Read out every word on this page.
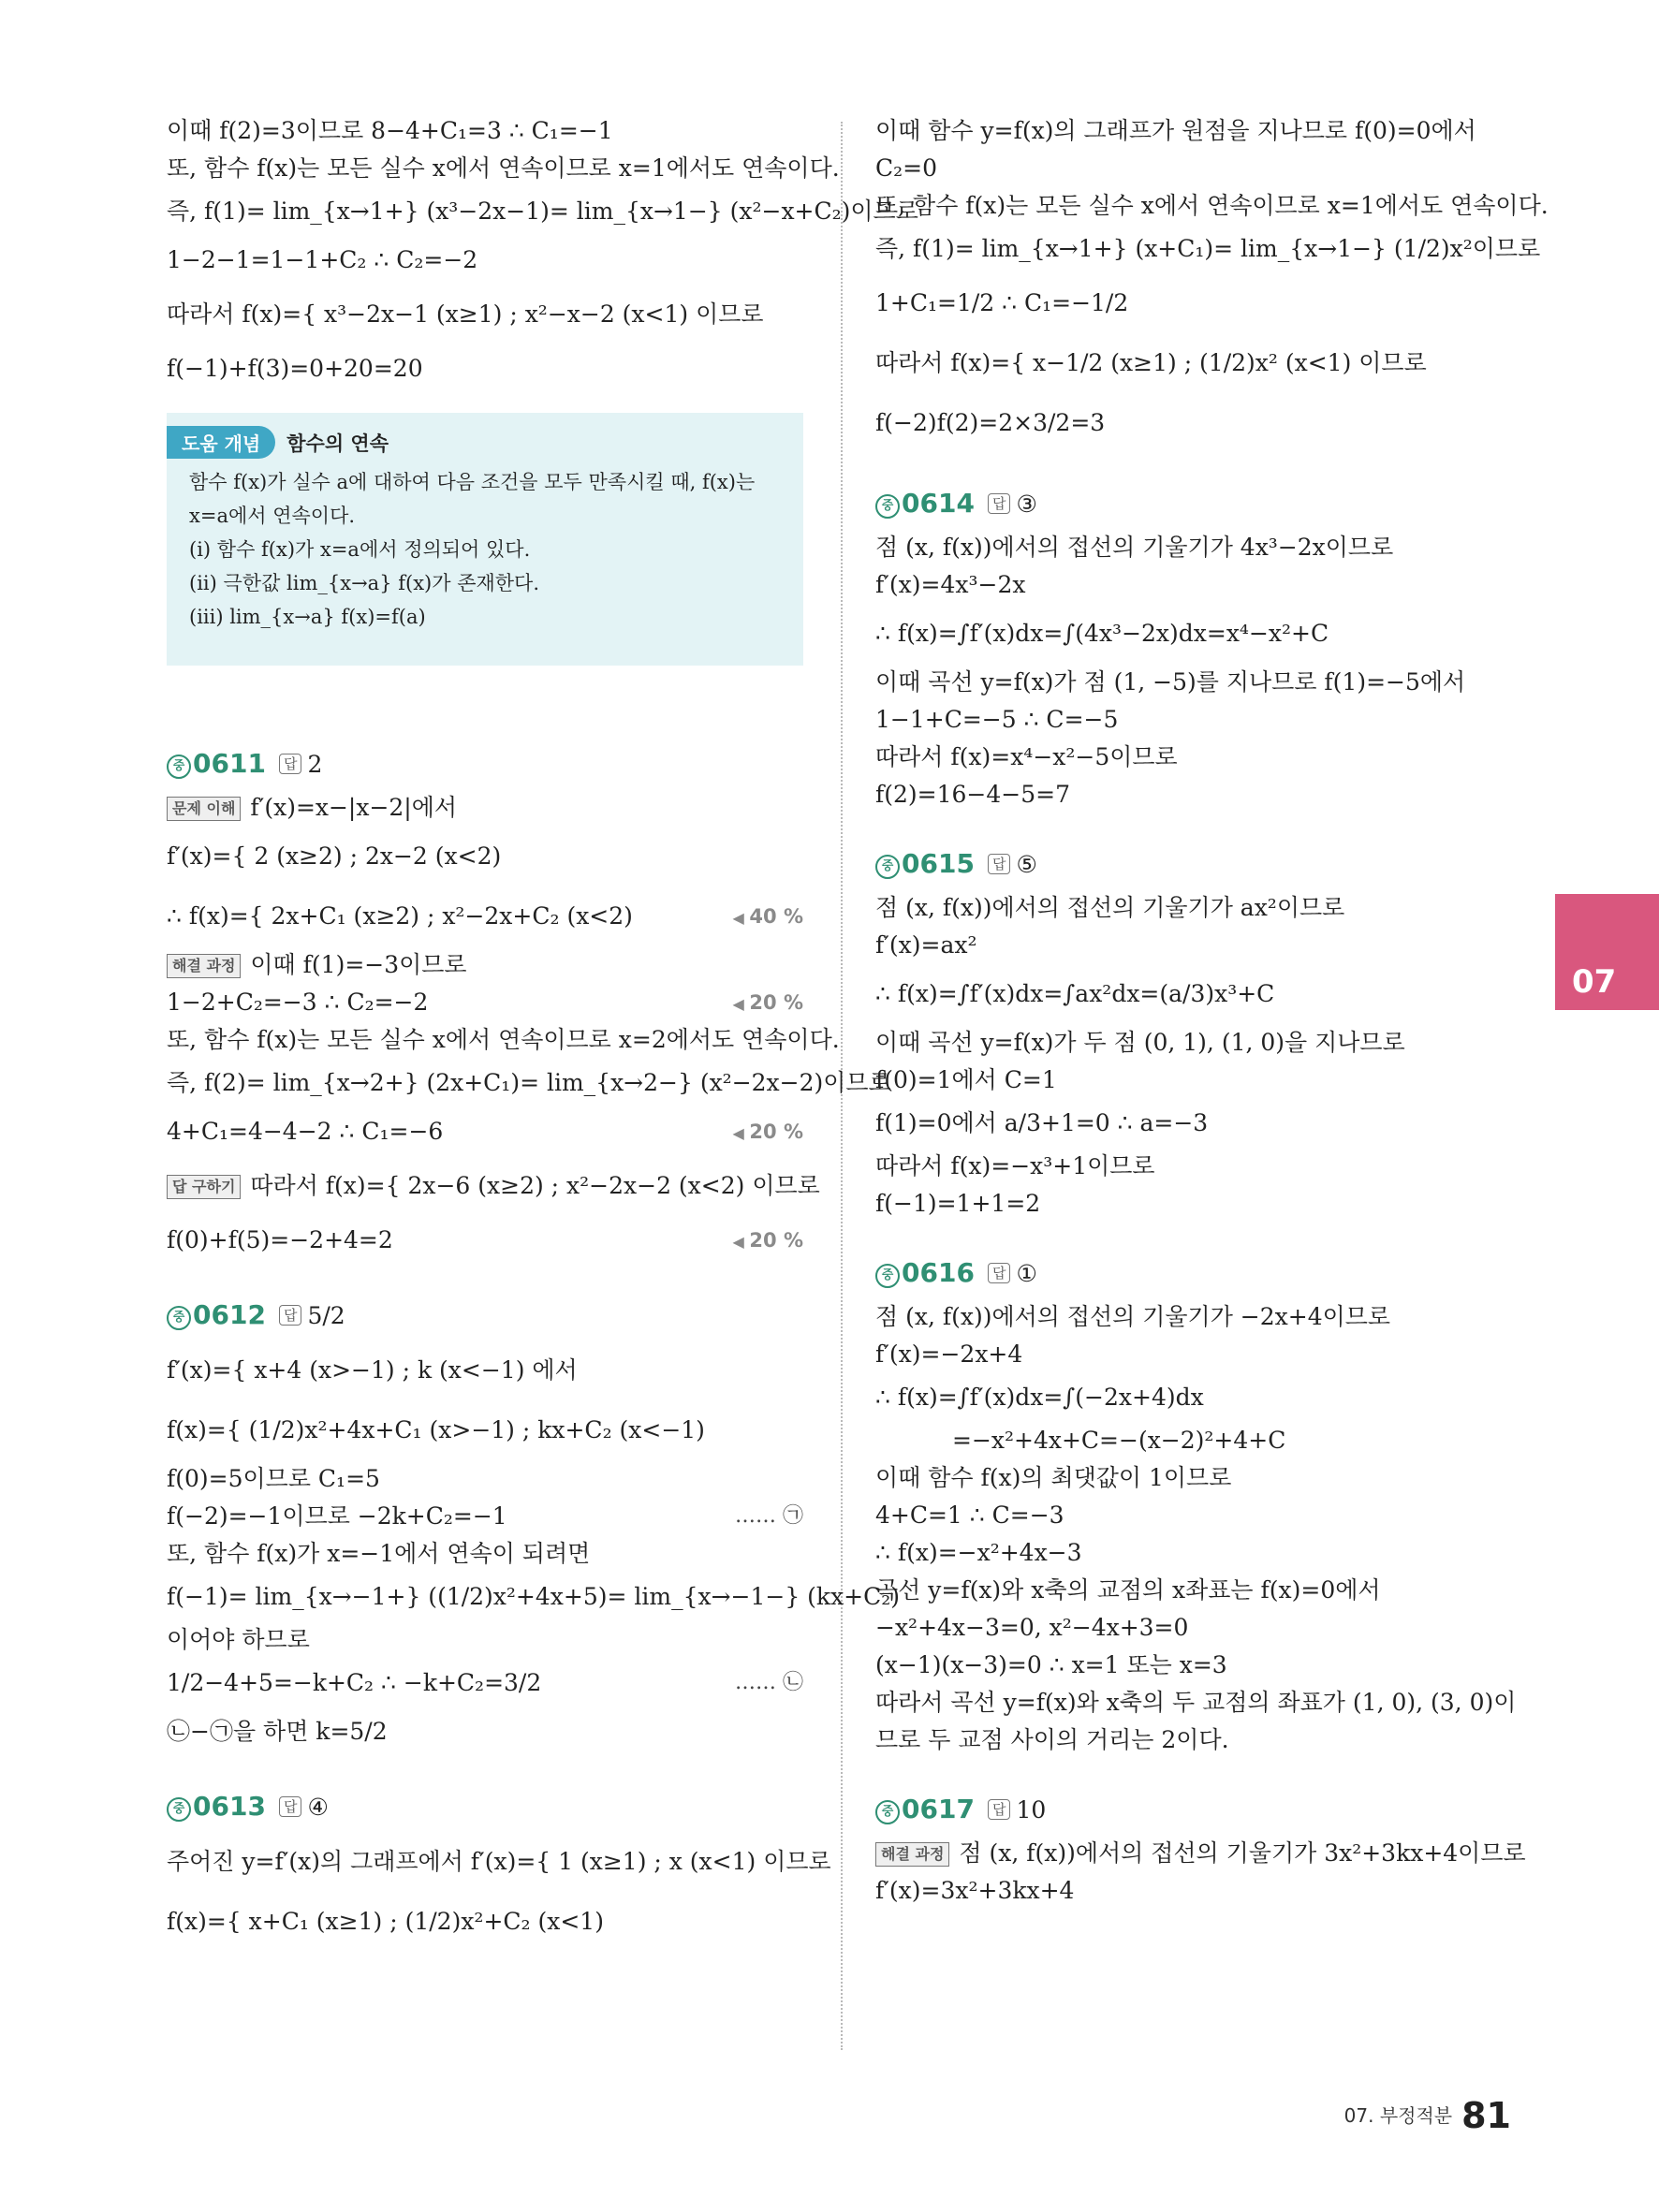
이때 f(2)=3이므로 8−4+C₁=3 ∴ C₁=−1
또, 함수 f(x)는 모든 실수 x에서 연속이므로 x=1에서도 연속이다.
즉, f(1)= lim_{x→1+} (x³−2x−1)= lim_{x→1−} (x²−x+C₂)이므로
1−2−1=1−1+C₂ ∴ C₂=−2
따라서 f(x)={ x³−2x−1 (x≥1) ; x²−x−2 (x<1) 이므로
f(−1)+f(3)=0+20=20
중 0611 답 2
문제 이해 f′(x)=x−|x−2|에서
f′(x)={ 2 (x≥2) ; 2x−2 (x<2)
∴ f(x)={ 2x+C₁ (x≥2) ; x²−2x+C₂ (x<2)	◀ 40 %
해결 과정 이때 f(1)=−3이므로
1−2+C₂=−3 ∴ C₂=−2	◀ 20 %
또, 함수 f(x)는 모든 실수 x에서 연속이므로 x=2에서도 연속이다.
즉, f(2)= lim_{x→2+} (2x+C₁)= lim_{x→2−} (x²−2x−2)이므로
4+C₁=4−4−2 ∴ C₁=−6	◀ 20 %
답 구하기 따라서 f(x)={ 2x−6 (x≥2) ; x²−2x−2 (x<2) 이므로
f(0)+f(5)=−2+4=2	◀ 20 %
중 0612 답 5/2
f′(x)={ x+4 (x>−1) ; k (x<−1) 에서
f(x)={ (1/2)x²+4x+C₁ (x>−1) ; kx+C₂ (x<−1)
f(0)=5이므로 C₁=5
f(−2)=−1이므로 −2k+C₂=−1	…… ㉠
또, 함수 f(x)가 x=−1에서 연속이 되려면
f(−1)= lim_{x→−1+} ((1/2)x²+4x+5)= lim_{x→−1−} (kx+C₂)
이어야 하므로
1/2−4+5=−k+C₂ ∴ −k+C₂=3/2	…… ㉡
㉡−㉠을 하면 k=5/2
중 0613 답 ④
주어진 y=f′(x)의 그래프에서 f′(x)={ 1 (x≥1) ; x (x<1) 이므로
f(x)={ x+C₁ (x≥1) ; (1/2)x²+C₂ (x<1)
도움 개념 함수의 연속
함수 f(x)가 실수 a에 대하여 다음 조건을 모두 만족시킬 때, f(x)는
x=a에서 연속이다.
(i) 함수 f(x)가 x=a에서 정의되어 있다.
(ii) 극한값 lim_{x→a} f(x)가 존재한다.
(iii) lim_{x→a} f(x)=f(a)
이때 함수 y=f(x)의 그래프가 원점을 지나므로 f(0)=0에서
C₂=0
또, 함수 f(x)는 모든 실수 x에서 연속이므로 x=1에서도 연속이다.
즉, f(1)= lim_{x→1+} (x+C₁)= lim_{x→1−} (1/2)x²이므로
1+C₁=1/2 ∴ C₁=−1/2
따라서 f(x)={ x−1/2 (x≥1) ; (1/2)x² (x<1) 이므로
f(−2)f(2)=2×3/2=3
중 0614 답 ③
점 (x, f(x))에서의 접선의 기울기가 4x³−2x이므로
f′(x)=4x³−2x
∴ f(x)=∫f′(x)dx=∫(4x³−2x)dx=x⁴−x²+C
이때 곡선 y=f(x)가 점 (1, −5)를 지나므로 f(1)=−5에서
1−1+C=−5 ∴ C=−5
따라서 f(x)=x⁴−x²−5이므로
f(2)=16−4−5=7
중 0615 답 ⑤
점 (x, f(x))에서의 접선의 기울기가 ax²이므로
f′(x)=ax²
∴ f(x)=∫f′(x)dx=∫ax²dx=(a/3)x³+C
이때 곡선 y=f(x)가 두 점 (0, 1), (1, 0)을 지나므로
f(0)=1에서 C=1
f(1)=0에서 a/3+1=0 ∴ a=−3
따라서 f(x)=−x³+1이므로
f(−1)=1+1=2
중 0616 답 ①
점 (x, f(x))에서의 접선의 기울기가 −2x+4이므로
f′(x)=−2x+4
∴ f(x)=∫f′(x)dx=∫(−2x+4)dx
=−x²+4x+C=−(x−2)²+4+C
이때 함수 f(x)의 최댓값이 1이므로
4+C=1 ∴ C=−3
∴ f(x)=−x²+4x−3
곡선 y=f(x)와 x축의 교점의 x좌표는 f(x)=0에서
−x²+4x−3=0, x²−4x+3=0
(x−1)(x−3)=0 ∴ x=1 또는 x=3
따라서 곡선 y=f(x)와 x축의 두 교점의 좌표가 (1, 0), (3, 0)이
므로 두 교점 사이의 거리는 2이다.
중 0617 답 10
해결 과정 점 (x, f(x))에서의 접선의 기울기가 3x²+3kx+4이므로
f′(x)=3x²+3kx+4
07
07. 부정적분 81
